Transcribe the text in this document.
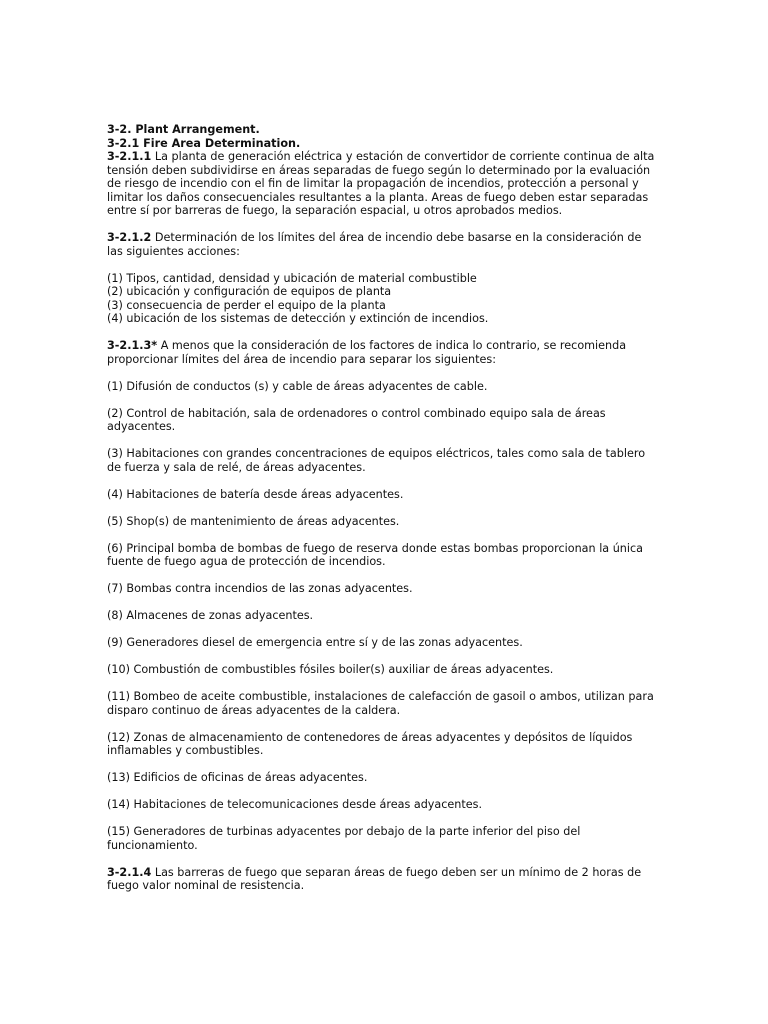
3-2. Plant Arrangement.
3-2.1 Fire Area Determination.
3-2.1.1 La planta de generación eléctrica y estación de convertidor de corriente continua de alta
tensión deben subdividirse en áreas separadas de fuego según lo determinado por la evaluación
de riesgo de incendio con el fin de limitar la propagación de incendios, protección a personal y
limitar los daños consecuenciales resultantes a la planta. Areas de fuego deben estar separadas
entre sí por barreras de fuego, la separación espacial, u otros aprobados medios.
3-2.1.2 Determinación de los límites del área de incendio debe basarse en la consideración de
las siguientes acciones:
(1) Tipos, cantidad, densidad y ubicación de material combustible
(2) ubicación y configuración de equipos de planta
(3) consecuencia de perder el equipo de la planta
(4) ubicación de los sistemas de detección y extinción de incendios.
3-2.1.3* A menos que la consideración de los factores de indica lo contrario, se recomienda
proporcionar límites del área de incendio para separar los siguientes:
(1) Difusión de conductos (s) y cable de áreas adyacentes de cable.
(2) Control de habitación, sala de ordenadores o control combinado equipo sala de áreas
adyacentes.
(3) Habitaciones con grandes concentraciones de equipos eléctricos, tales como sala de tablero
de fuerza y sala de relé, de áreas adyacentes.
(4) Habitaciones de batería desde áreas adyacentes.
(5) Shop(s) de mantenimiento de áreas adyacentes.
(6) Principal bomba de bombas de fuego de reserva donde estas bombas proporcionan la única
fuente de fuego agua de protección de incendios.
(7) Bombas contra incendios de las zonas adyacentes.
(8) Almacenes de zonas adyacentes.
(9) Generadores diesel de emergencia entre sí y de las zonas adyacentes.
(10) Combustión de combustibles fósiles boiler(s) auxiliar de áreas adyacentes.
(11) Bombeo de aceite combustible, instalaciones de calefacción de gasoil o ambos, utilizan para
disparo continuo de áreas adyacentes de la caldera.
(12) Zonas de almacenamiento de contenedores de áreas adyacentes y depósitos de líquidos
inflamables y combustibles.
(13) Edificios de oficinas de áreas adyacentes.
(14) Habitaciones de telecomunicaciones desde áreas adyacentes.
(15) Generadores de turbinas adyacentes por debajo de la parte inferior del piso del
funcionamiento.
3-2.1.4 Las barreras de fuego que separan áreas de fuego deben ser un mínimo de 2 horas de
fuego valor nominal de resistencia.
